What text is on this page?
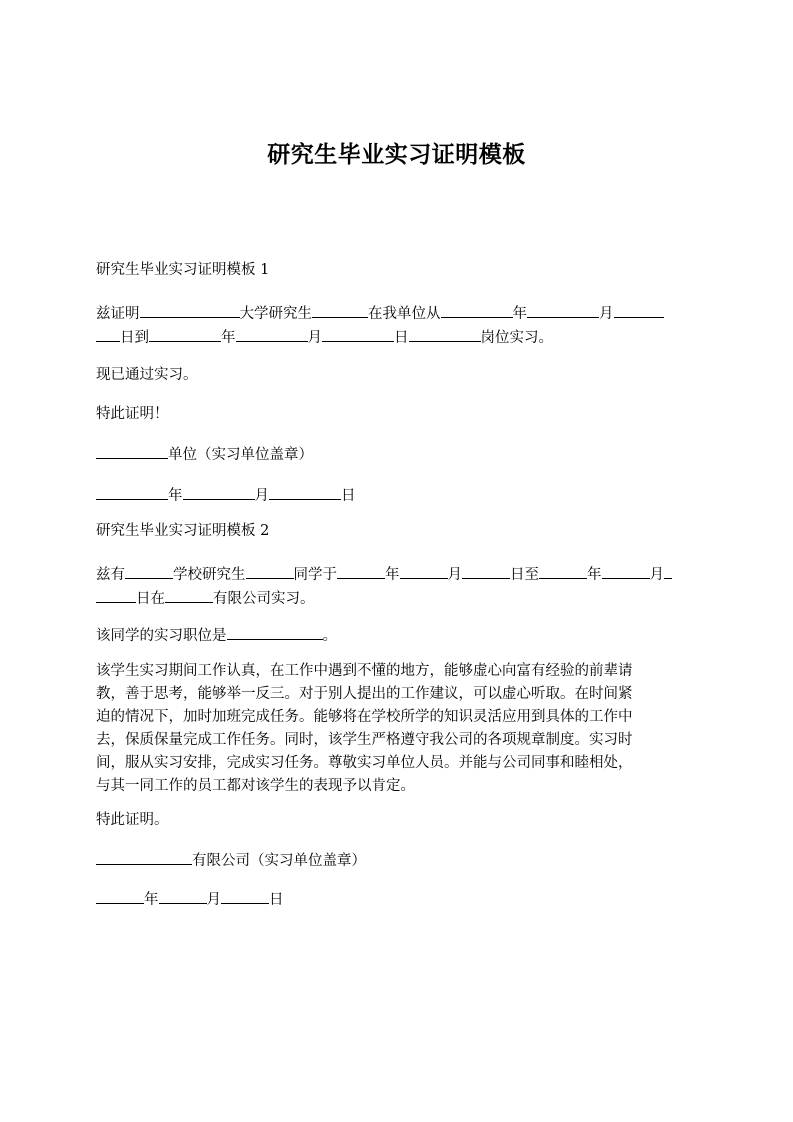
研究生毕业实习证明模板
研究生毕业实习证明模板 1
兹证明	大学研究生	在我单位从	年	月
日到	年	月	日	岗位实习。
现已通过实习。
特此证明！
单位（实习单位盖章）
年	月	日
研究生毕业实习证明模板 2
兹有	学校研究生	同学于	年	月	日至	年	月
日在	有限公司实习。
该同学的实习职位是	。
该学生实习期间工作认真，在工作中遇到不懂的地方，能够虚心向富有经验的前辈请
教，善于思考，能够举一反三。对于别人提出的工作建议，可以虚心听取。在时间紧
迫的情况下，加时加班完成任务。能够将在学校所学的知识灵活应用到具体的工作中
去，保质保量完成工作任务。同时，该学生严格遵守我公司的各项规章制度。实习时
间，服从实习安排，完成实习任务。尊敬实习单位人员。并能与公司同事和睦相处，
与其一同工作的员工都对该学生的表现予以肯定。
特此证明。
有限公司（实习单位盖章）
年	月	日
